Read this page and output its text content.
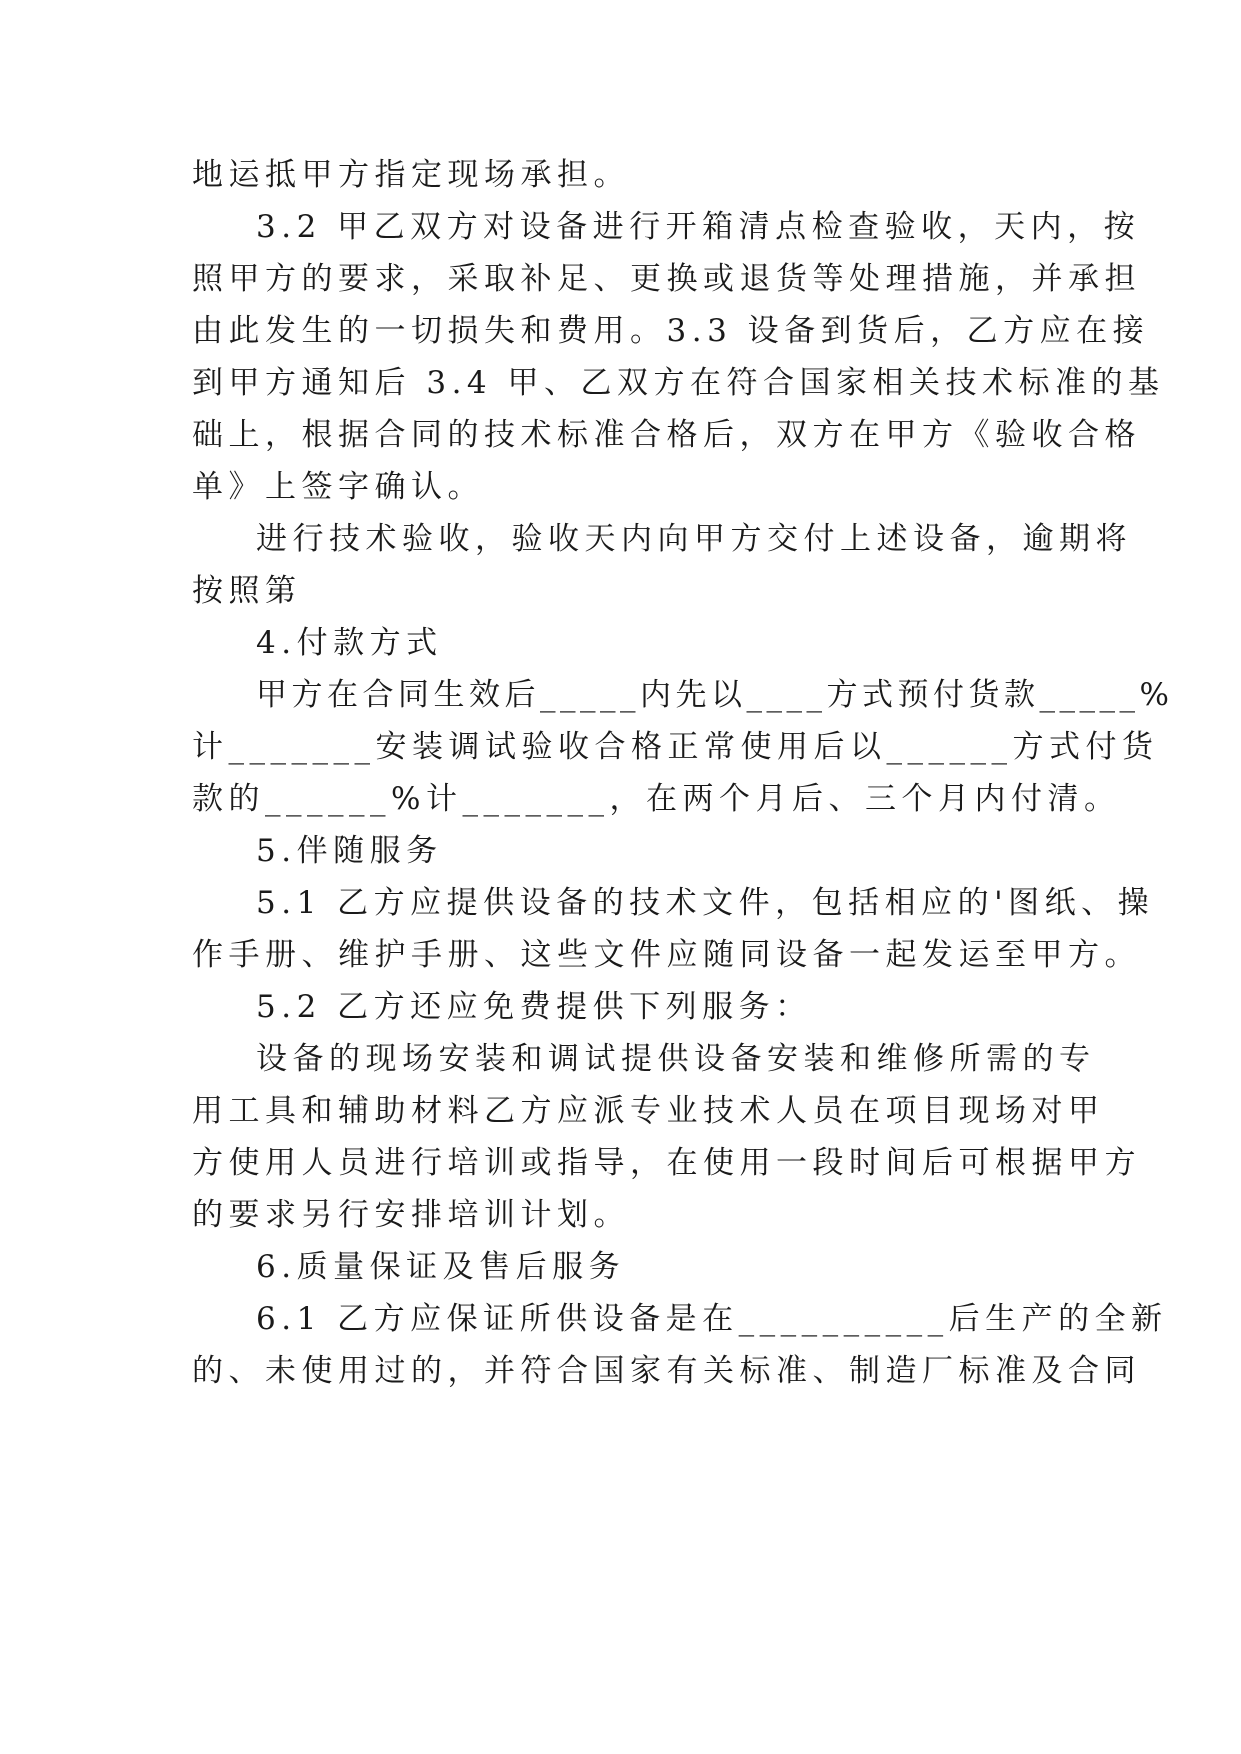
地运抵甲方指定现场承担。
3.2 甲乙双方对设备进行开箱清点检查验收，天内，按
照甲方的要求，采取补足、更换或退货等处理措施，并承担
由此发生的一切损失和费用。3.3 设备到货后，乙方应在接
到甲方通知后 3.4 甲、乙双方在符合国家相关技术标准的基
础上，根据合同的技术标准合格后，双方在甲方《验收合格
单》上签字确认。
进行技术验收，验收天内向甲方交付上述设备，逾期将
按照第
4.付款方式
甲方在合同生效后_____内先以____方式预付货款_____%
计_______安装调试验收合格正常使用后以______方式付货
款的______%计_______，在两个月后、三个月内付清。
5.伴随服务
5.1 乙方应提供设备的技术文件，包括相应的'图纸、操
作手册、维护手册、这些文件应随同设备一起发运至甲方。
5.2 乙方还应免费提供下列服务：
设备的现场安装和调试提供设备安装和维修所需的专
用工具和辅助材料乙方应派专业技术人员在项目现场对甲
方使用人员进行培训或指导，在使用一段时间后可根据甲方
的要求另行安排培训计划。
6.质量保证及售后服务
6.1 乙方应保证所供设备是在__________后生产的全新
的、未使用过的，并符合国家有关标准、制造厂标准及合同
